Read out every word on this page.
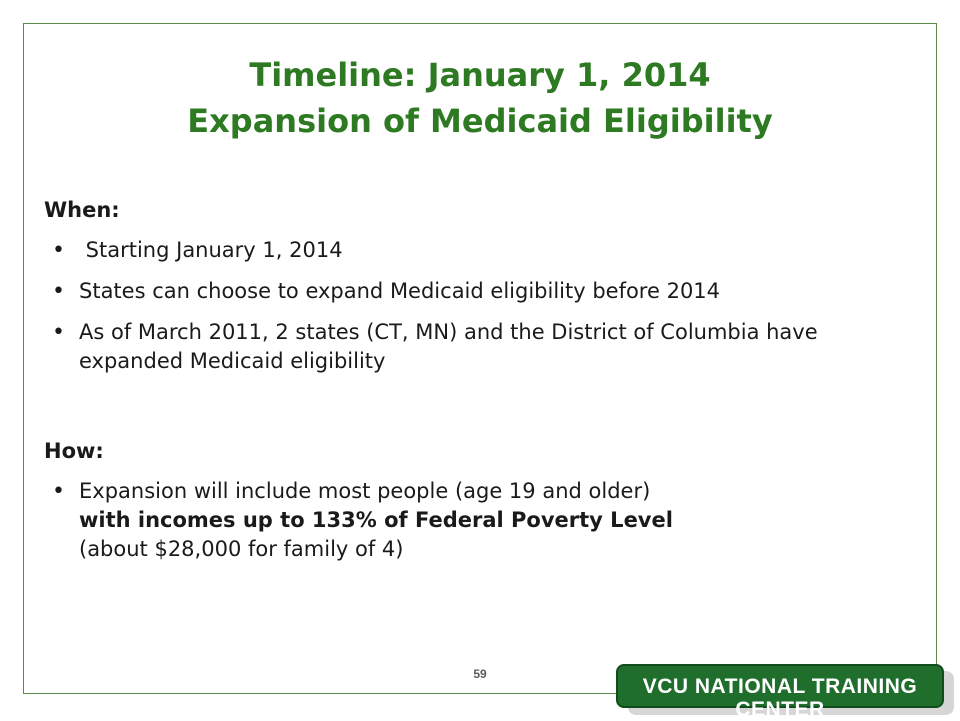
Timeline: January 1, 2014
Expansion of Medicaid Eligibility
When:
•  Starting January 1, 2014
• States can choose to expand Medicaid eligibility before 2014
• As of March 2011, 2 states (CT, MN) and the District of Columbia have expanded Medicaid eligibility
How:
• Expansion will include most people (age 19 and older)
with incomes up to 133% of Federal Poverty Level
(about $28,000 for family of 4)
59
VCU NATIONAL TRAINING CENTER
